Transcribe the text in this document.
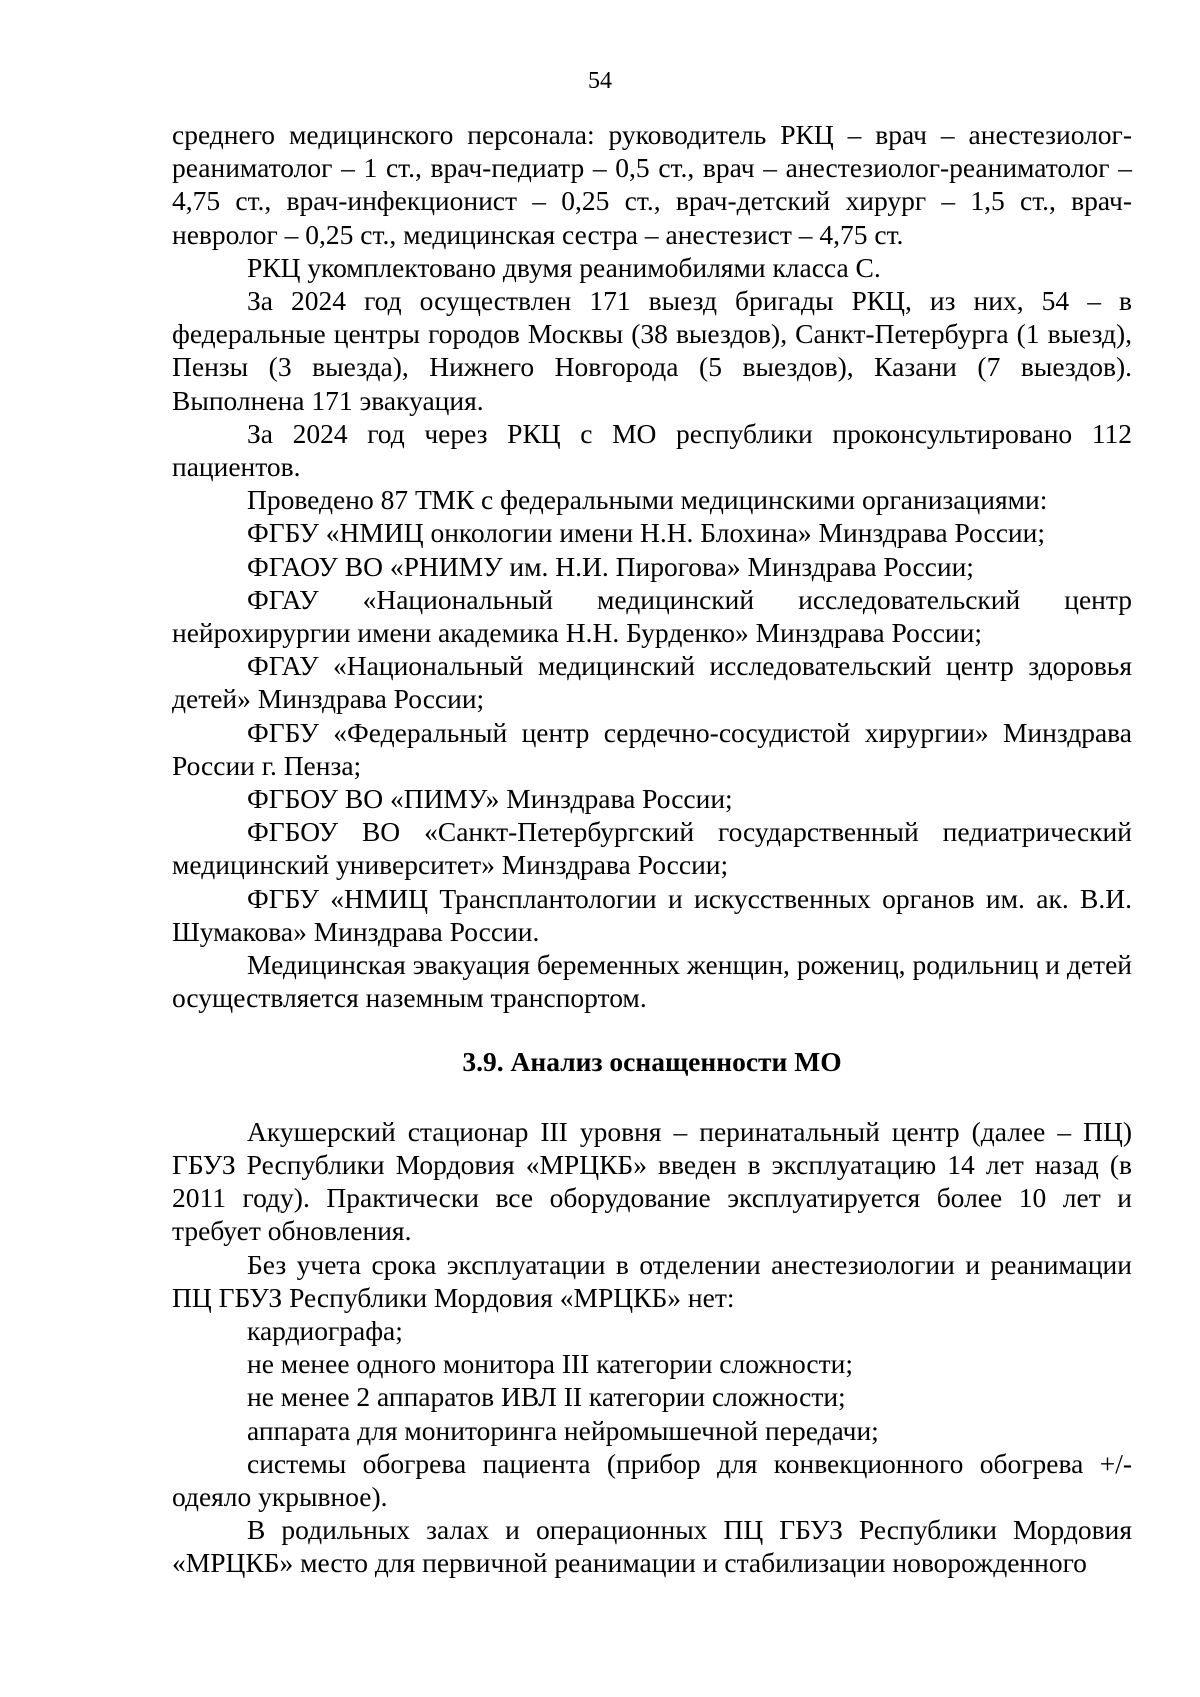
54

среднего медицинского персонала: руководитель РКЦ – врач – анестезиолог-реаниматолог – 1 ст., врач-педиатр – 0,5 ст., врач – анестезиолог-реаниматолог – 4,75 ст., врач-инфекционист – 0,25 ст., врач-детский хирург – 1,5 ст., врач-невролог – 0,25 ст., медицинская сестра – анестезист – 4,75 ст.

РКЦ укомплектовано двумя реанимобилями класса С.

За 2024 год осуществлен 171 выезд бригады РКЦ, из них, 54 – в федеральные центры городов Москвы (38 выездов), Санкт-Петербурга (1 выезд), Пензы (3 выезда), Нижнего Новгорода (5 выездов), Казани (7 выездов). Выполнена 171 эвакуация.

За 2024 год через РКЦ с МО республики проконсультировано 112 пациентов.

Проведено 87 ТМК с федеральными медицинскими организациями:

ФГБУ «НМИЦ онкологии имени Н.Н. Блохина» Минздрава России;

ФГАОУ ВО «РНИМУ им. Н.И. Пирогова» Минздрава России;

ФГАУ «Национальный медицинский исследовательский центр нейрохирургии имени академика Н.Н. Бурденко» Минздрава России;

ФГАУ «Национальный медицинский исследовательский центр здоровья детей» Минздрава России;

ФГБУ «Федеральный центр сердечно-сосудистой хирургии» Минздрава России г. Пенза;

ФГБОУ ВО «ПИМУ» Минздрава России;

ФГБОУ ВО «Санкт-Петербургский государственный педиатрический медицинский университет» Минздрава России;

ФГБУ «НМИЦ Трансплантологии и искусственных органов им. ак. В.И. Шумакова» Минздрава России.

Медицинская эвакуация беременных женщин, рожениц, родильниц и детей осуществляется наземным транспортом.

3.9. Анализ оснащенности МО

Акушерский стационар III уровня – перинатальный центр (далее – ПЦ) ГБУЗ Республики Мордовия «МРЦКБ» введен в эксплуатацию 14 лет назад (в 2011 году). Практически все оборудование эксплуатируется более 10 лет и требует обновления.

Без учета срока эксплуатации в отделении анестезиологии и реанимации ПЦ ГБУЗ Республики Мордовия «МРЦКБ» нет:

кардиографа;

не менее одного монитора III категории сложности;

не менее 2 аппаратов ИВЛ II категории сложности;

аппарата для мониторинга нейромышечной передачи;

системы обогрева пациента (прибор для конвекционного обогрева +/- одеяло укрывное).

В родильных залах и операционных ПЦ ГБУЗ Республики Мордовия «МРЦКБ» место для первичной реанимации и стабилизации новорожденного
